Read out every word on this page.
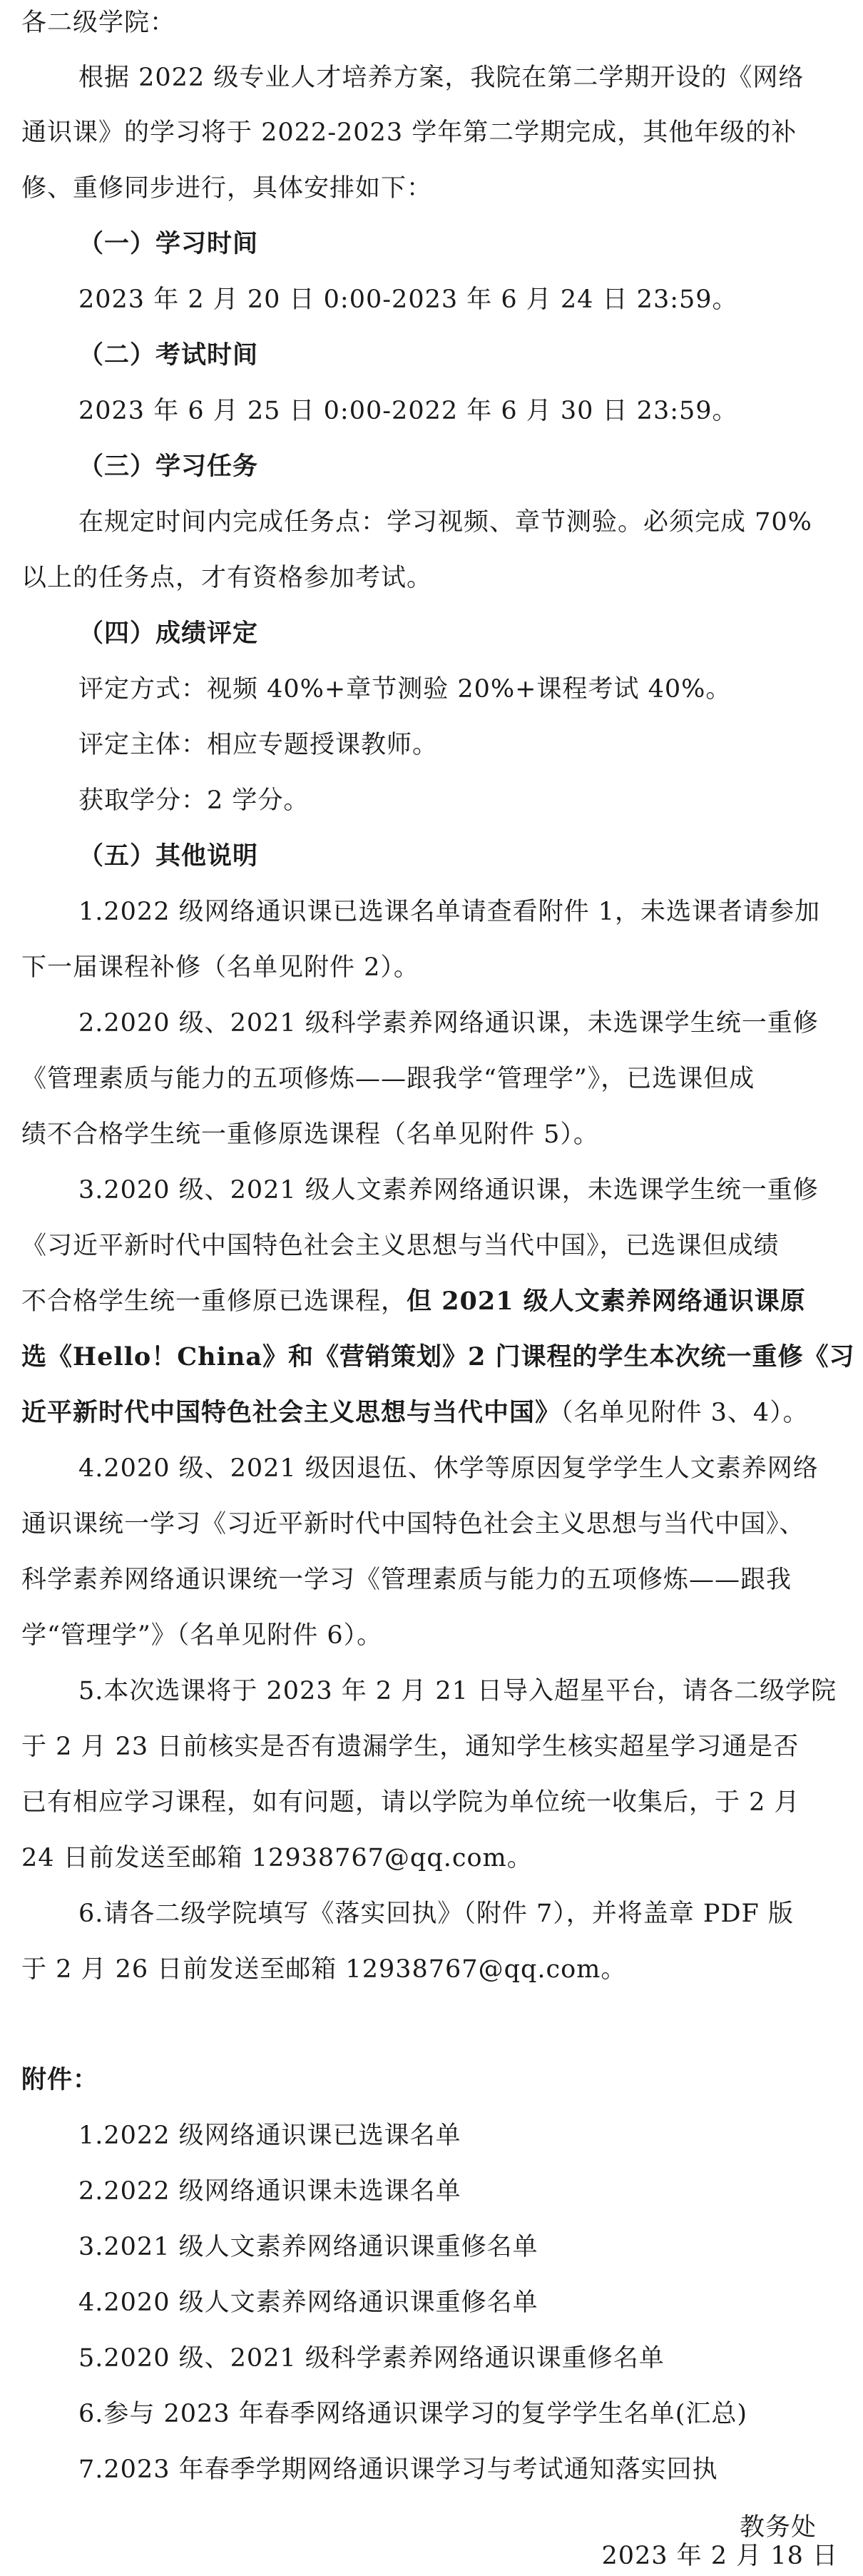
各二级学院：
根据 2022 级专业人才培养方案，我院在第二学期开设的《网络
通识课》的学习将于 2022-2023 学年第二学期完成，其他年级的补
修、重修同步进行，具体安排如下：
（一）学习时间
2023 年 2 月 20 日 0:00-2023 年 6 月 24 日 23:59。
（二）考试时间
2023 年 6 月 25 日 0:00-2022 年 6 月 30 日 23:59。
（三）学习任务
在规定时间内完成任务点：学习视频、章节测验。必须完成 70%
以上的任务点，才有资格参加考试。
（四）成绩评定
评定方式：视频 40%+章节测验 20%+课程考试 40%。
评定主体：相应专题授课教师。
获取学分：2 学分。
（五）其他说明
1.2022 级网络通识课已选课名单请查看附件 1，未选课者请参加
下一届课程补修（名单见附件 2）。
2.2020 级、2021 级科学素养网络通识课，未选课学生统一重修
《管理素质与能力的五项修炼——跟我学“管理学”》，已选课但成
绩不合格学生统一重修原选课程（名单见附件 5）。
3.2020 级、2021 级人文素养网络通识课，未选课学生统一重修
《习近平新时代中国特色社会主义思想与当代中国》，已选课但成绩
不合格学生统一重修原已选课程，但 2021 级人文素养网络通识课原
选《Hello！China》和《营销策划》2 门课程的学生本次统一重修《习
近平新时代中国特色社会主义思想与当代中国》（名单见附件 3、4）。
4.2020 级、2021 级因退伍、休学等原因复学学生人文素养网络
通识课统一学习《习近平新时代中国特色社会主义思想与当代中国》、
科学素养网络通识课统一学习《管理素质与能力的五项修炼——跟我
学“管理学”》（名单见附件 6）。
5.本次选课将于 2023 年 2 月 21 日导入超星平台，请各二级学院
于 2 月 23 日前核实是否有遗漏学生，通知学生核实超星学习通是否
已有相应学习课程，如有问题，请以学院为单位统一收集后，于 2 月
24 日前发送至邮箱 12938767@qq.com。
6.请各二级学院填写《落实回执》（附件 7），并将盖章 PDF 版
于 2 月 26 日前发送至邮箱 12938767@qq.com。
附件：
1.2022 级网络通识课已选课名单
2.2022 级网络通识课未选课名单
3.2021 级人文素养网络通识课重修名单
4.2020 级人文素养网络通识课重修名单
5.2020 级、2021 级科学素养网络通识课重修名单
6.参与 2023 年春季网络通识课学习的复学学生名单(汇总)
7.2023 年春季学期网络通识课学习与考试通知落实回执
教务处
2023 年 2 月 18 日
